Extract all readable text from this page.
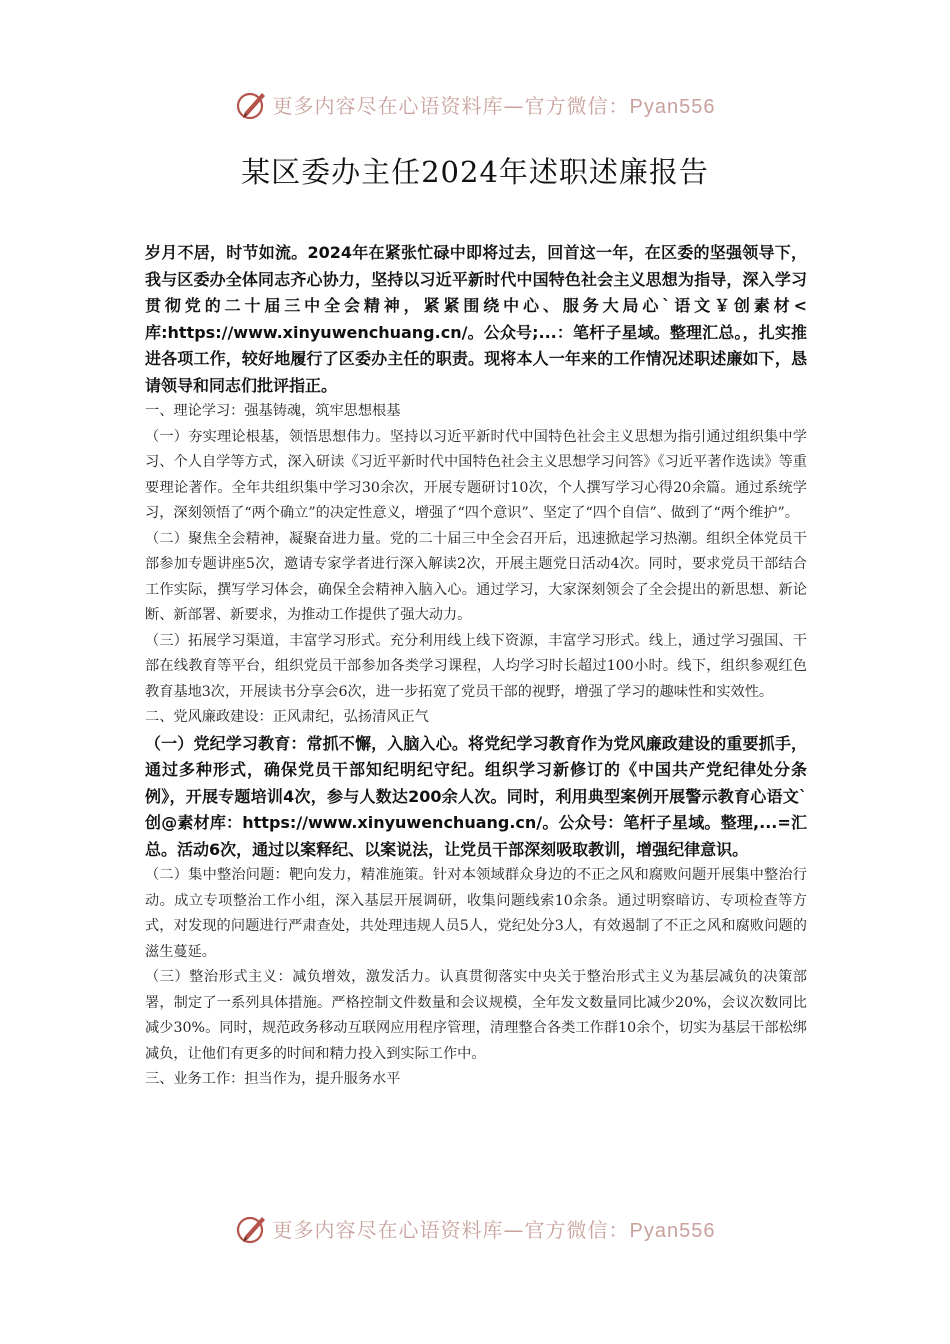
更多内容尽在心语资料库—官方微信：Pyan556
某区委办主任2024年述职述廉报告

岁月不居，时节如流。2024年在紧张忙碌中即将过去，回首这一年，在区委的坚强领导下，我与区委办全体同志齐心协力，坚持以习近平新时代中国特色社会主义思想为指导，深入学习贯彻党的二十届三中全会精神，紧紧围绕中心、服务大局心`语文￥创素材<库:https://www.xinyuwenchuang.cn/。公众号;...：笔杆子星域。整理汇总。，扎实推进各项工作，较好地履行了区委办主任的职责。现将本人一年来的工作情况述职述廉如下，恳请领导和同志们批评指正。

一、理论学习：强基铸魂，筑牢思想根基

（一）夯实理论根基，领悟思想伟力。坚持以习近平新时代中国特色社会主义思想为指引通过组织集中学习、个人自学等方式，深入研读《习近平新时代中国特色社会主义思想学习问答》《习近平著作选读》等重要理论著作。全年共组织集中学习30余次，开展专题研讨10次，个人撰写学习心得20余篇。通过系统学习，深刻领悟了“两个确立”的决定性意义，增强了“四个意识”、坚定了“四个自信”、做到了“两个维护”。

（二）聚焦全会精神，凝聚奋进力量。党的二十届三中全会召开后，迅速掀起学习热潮。组织全体党员干部参加专题讲座5次，邀请专家学者进行深入解读2次，开展主题党日活动4次。同时，要求党员干部结合工作实际，撰写学习体会，确保全会精神入脑入心。通过学习，大家深刻领会了全会提出的新思想、新论断、新部署、新要求，为推动工作提供了强大动力。

（三）拓展学习渠道，丰富学习形式。充分利用线上线下资源，丰富学习形式。线上，通过学习强国、干部在线教育等平台，组织党员干部参加各类学习课程，人均学习时长超过100小时。线下，组织参观红色教育基地3次，开展读书分享会6次，进一步拓宽了党员干部的视野，增强了学习的趣味性和实效性。

二、党风廉政建设：正风肃纪，弘扬清风正气

（一）党纪学习教育：常抓不懈，入脑入心。将党纪学习教育作为党风廉政建设的重要抓手，通过多种形式，确保党员干部知纪明纪守纪。组织学习新修订的《中国共产党纪律处分条例》，开展专题培训4次，参与人数达200余人次。同时，利用典型案例开展警示教育心语文`创@素材库：https://www.xinyuwenchuang.cn/。公众号：笔杆子星域。整理,...=汇总。活动6次，通过以案释纪、以案说法，让党员干部深刻吸取教训，增强纪律意识。

（二）集中整治问题：靶向发力，精准施策。针对本领域群众身边的不正之风和腐败问题开展集中整治行动。成立专项整治工作小组，深入基层开展调研，收集问题线索10余条。通过明察暗访、专项检查等方式，对发现的问题进行严肃查处，共处理违规人员5人，党纪处分3人，有效遏制了不正之风和腐败问题的滋生蔓延。

（三）整治形式主义：减负增效，激发活力。认真贯彻落实中央关于整治形式主义为基层减负的决策部署，制定了一系列具体措施。严格控制文件数量和会议规模，全年发文数量同比减少20%，会议次数同比减少30%。同时，规范政务移动互联网应用程序管理，清理整合各类工作群10余个，切实为基层干部松绑减负，让他们有更多的时间和精力投入到实际工作中。

三、业务工作：担当作为，提升服务水平

更多内容尽在心语资料库—官方微信：Pyan556
